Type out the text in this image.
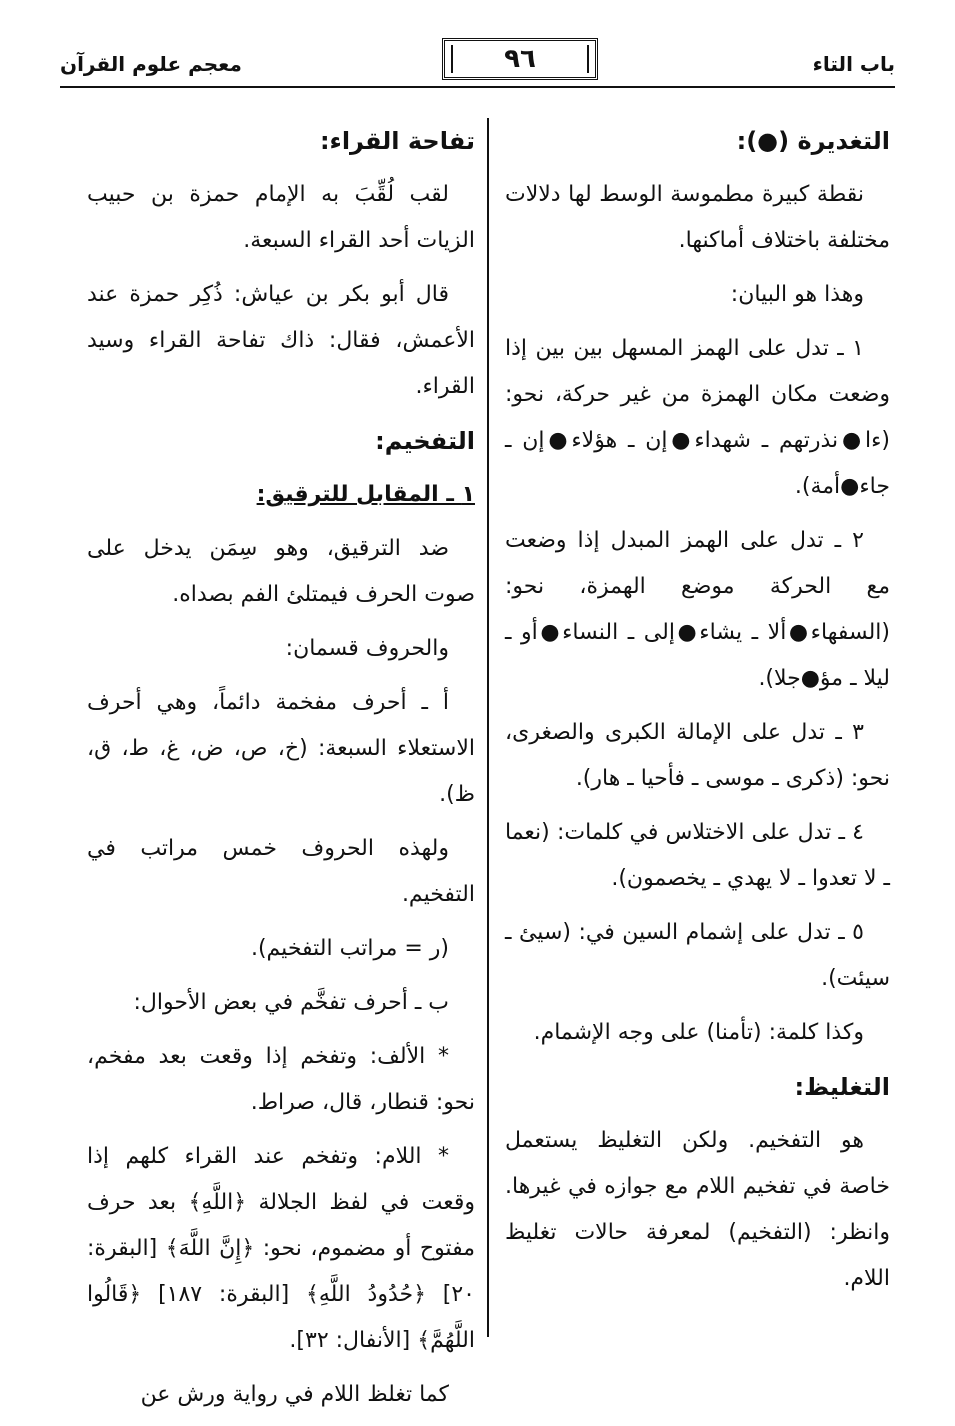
باب التاء
٩٦
معجم علوم القرآن

التغديرة (●):

نقطة كبيرة مطموسة الوسط لها دلالات مختلفة باختلاف أماكنها.

وهذا هو البيان:

١ ـ تدل على الهمز المسهل بين بين إذا وضعت مكان الهمزة من غير حركة، نحو: (ءا●نذرتهم ـ شهداء●إن ـ هؤلاء●إن ـ جاء●أمة).

٢ ـ تدل على الهمز المبدل إذا وضعت مع الحركة موضع الهمزة، نحو: (السفهاء●ألا ـ يشاء●إلى ـ النساء●أو ـ ليلا ـ مؤ●جلا).

٣ ـ تدل على الإمالة الكبرى والصغرى، نحو: (ذكرى ـ موسى ـ فأحيا ـ هار).

٤ ـ تدل على الاختلاس في كلمات: (نعما ـ لا تعدوا ـ لا يهدي ـ يخصمون).

٥ ـ تدل على إشمام السين في: (سيئ ـ سيئت).

وكذا كلمة: (تأمنا) على وجه الإشمام.

التغليظ:

هو التفخيم. ولكن التغليظ يستعمل خاصة في تفخيم اللام مع جوازه في غيرها. وانظر: (التفخيم) لمعرفة حالات تغليظ اللام.

تفاحة القراء:

لقب لُقِّبَ به الإمام حمزة بن حبيب الزيات أحد القراء السبعة.

قال أبو بكر بن عياش: ذُكِر حمزة عند الأعمش، فقال: ذاك تفاحة القراء وسيد القراء.

التفخيم:

١ ـ المقابل للترقيق:

ضد الترقيق، وهو سِمَن يدخل على صوت الحرف فيمتلئ الفم بصداه.

والحروف قسمان:

أ ـ أحرف مفخمة دائماً، وهي أحرف الاستعلاء السبعة: (خ، ص، ض، غ، ط، ق، ظ).

ولهذه الحروف خمس مراتب في التفخيم.

(ر = مراتب التفخيم).

ب ـ أحرف تفخَّم في بعض الأحوال:

* الألف: وتفخم إذا وقعت بعد مفخم، نحو: قنطار، قال، صراط.

* اللام: وتفخم عند القراء كلهم إذا وقعت في لفظ الجلالة ﴿اللَّهِ﴾ بعد حرف مفتوح أو مضموم، نحو: ﴿إِنَّ اللَّهَ﴾ [البقرة: ٢٠] ﴿حُدُودُ اللَّهِ﴾ [البقرة: ١٨٧] ﴿قَالُوا اللَّهُمَّ﴾ [الأنفال: ٣٢].

كما تغلظ اللام في رواية ورش عن
